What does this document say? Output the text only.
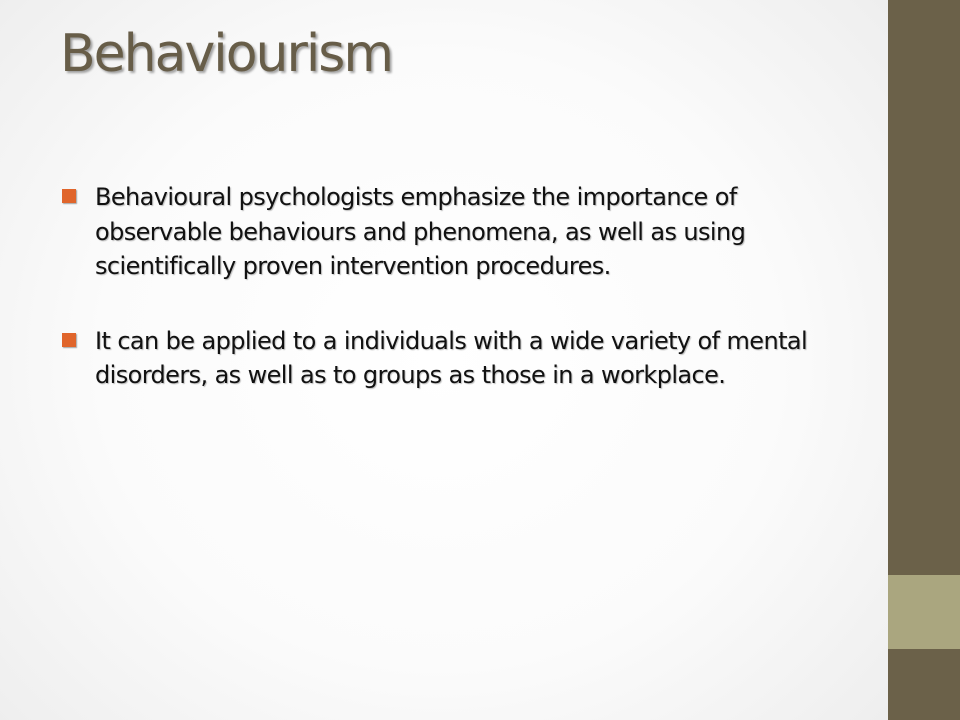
Behaviourism
Behavioural psychologists emphasize the importance of observable behaviours and phenomena, as well as using scientifically proven intervention procedures.
It can be applied to a individuals with a wide variety of mental disorders, as well as to groups as those in a workplace.
